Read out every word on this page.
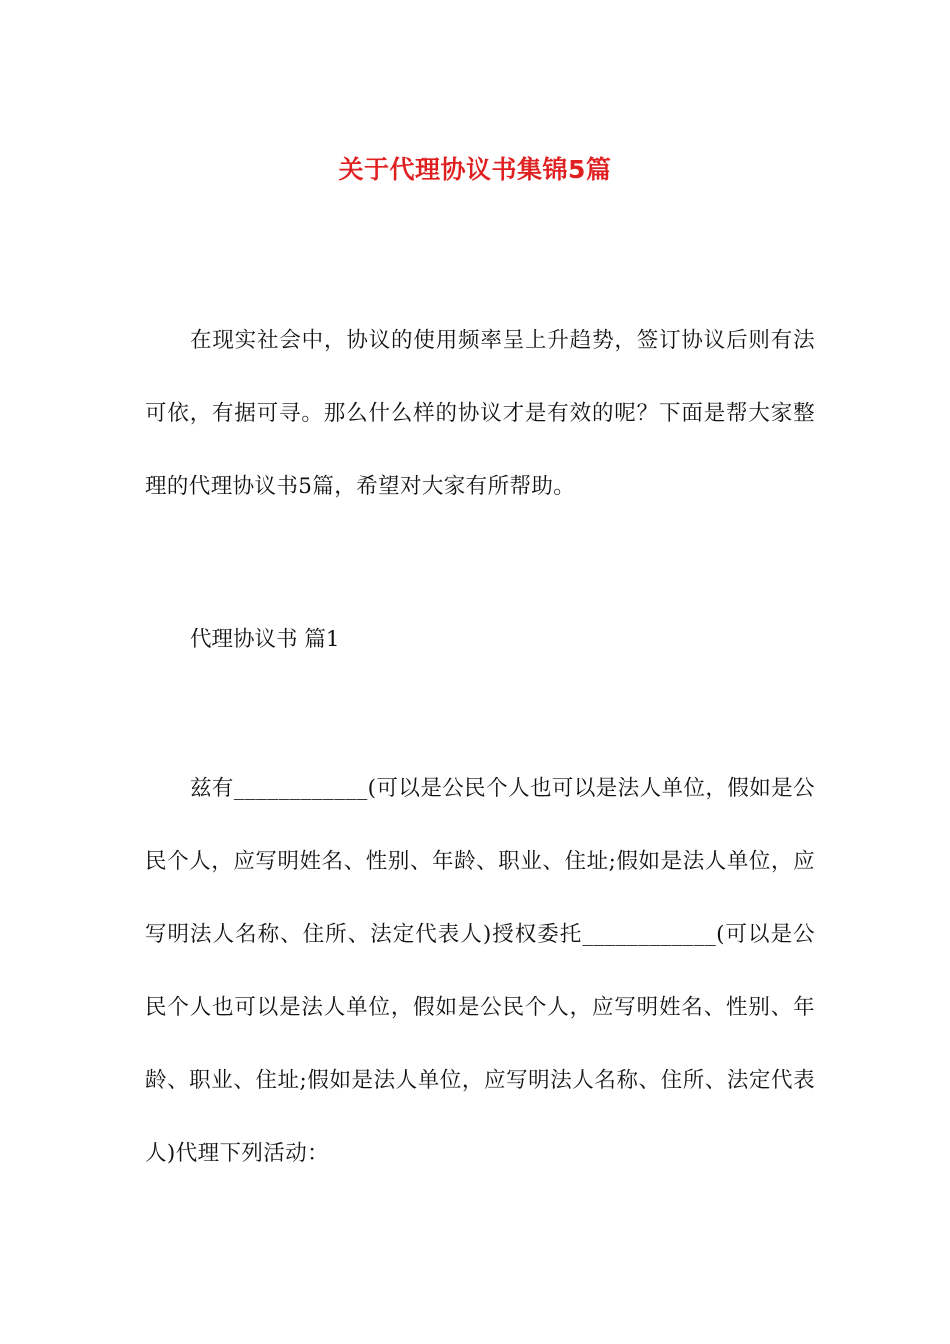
关于代理协议书集锦5篇

在现实社会中，协议的使用频率呈上升趋势，签订协议后则有法可依，有据可寻。那么什么样的协议才是有效的呢？下面是帮大家整理的代理协议书5篇，希望对大家有所帮助。

代理协议书 篇1

兹有____________(可以是公民个人也可以是法人单位，假如是公民个人，应写明姓名、性别、年龄、职业、住址;假如是法人单位，应写明法人名称、住所、法定代表人)授权委托____________(可以是公民个人也可以是法人单位，假如是公民个人，应写明姓名、性别、年龄、职业、住址;假如是法人单位，应写明法人名称、住所、法定代表人)代理下列活动：
